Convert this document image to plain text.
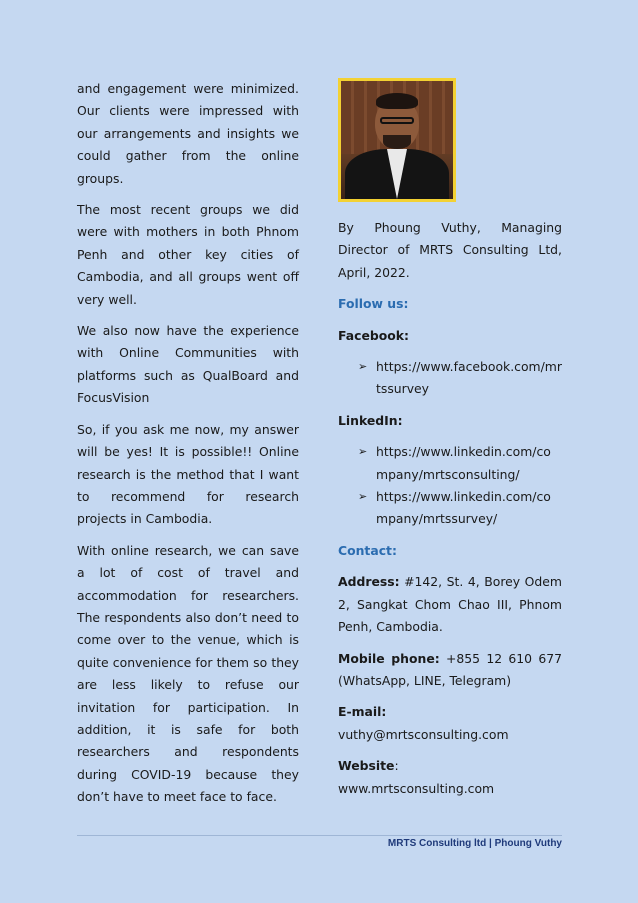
and engagement were minimized. Our clients were impressed with our arrangements and insights we could gather from the online groups.

The most recent groups we did were with mothers in both Phnom Penh and other key cities of Cambodia, and all groups went off very well.

We also now have the experience with Online Communities with platforms such as QualBoard and FocusVision

So, if you ask me now, my answer will be yes! It is possible!! Online research is the method that I want to recommend for research projects in Cambodia.

With online research, we can save a lot of cost of travel and accommodation for researchers. The respondents also don’t need to come over to the venue, which is quite convenience for them so they are less likely to refuse our invitation for participation. In addition, it is safe for both researchers and respondents during COVID-19 because they don’t have to meet face to face.

By Phoung Vuthy, Managing Director of MRTS Consulting Ltd, April, 2022.

Follow us:

Facebook:

➢ https://www.facebook.com/mrtssurvey

LinkedIn:

➢ https://www.linkedin.com/company/mrtsconsulting/
➢ https://www.linkedin.com/company/mrtssurvey/

Contact:

Address: #142, St. 4, Borey Odem 2, Sangkat Chom Chao III, Phnom Penh, Cambodia.

Mobile phone: +855 12 610 677 (WhatsApp, LINE, Telegram)

E-mail:

vuthy@mrtsconsulting.com

Website:

www.mrtsconsulting.com

MRTS Consulting ltd | Phoung Vuthy
